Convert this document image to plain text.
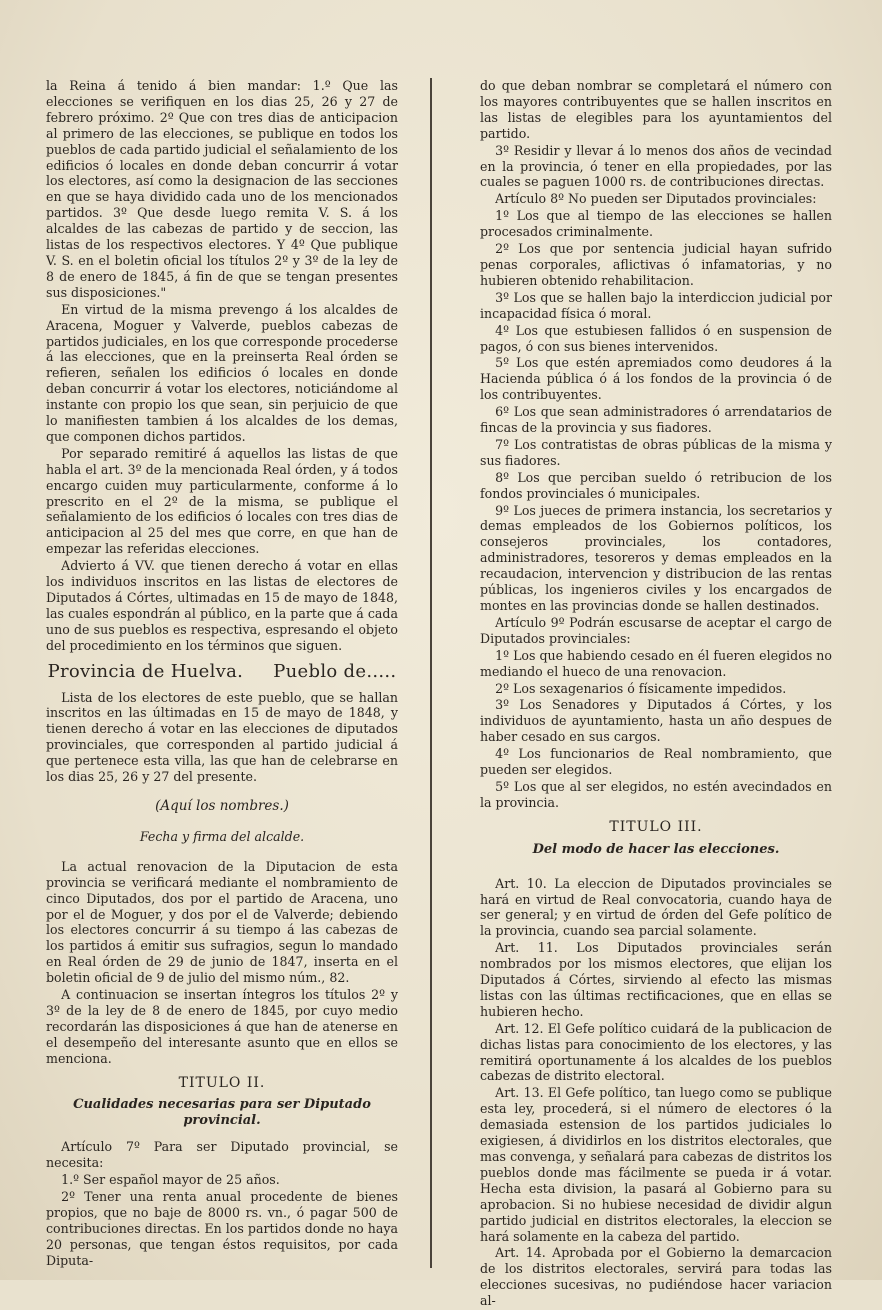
la Reina á tenido á bien mandar: 1.º Que las elecciones se verifiquen en los dias 25, 26 y 27 de febrero próximo. 2º Que con tres dias de anticipacion al primero de las elecciones, se publique en todos los pueblos de cada partido judicial el señalamiento de los edificios ó locales en donde deban concurrir á votar los electores, así como la designacion de las secciones en que se haya dividido cada uno de los mencionados partidos. 3º Que desde luego remita V. S. á los alcaldes de las cabezas de partido y de seccion, las listas de los respectivos electores. Y 4º Que publique V. S. en el boletin oficial los títulos 2º y 3º de la ley de 8 de enero de 1845, á fin de que se tengan presentes sus disposiciones."

En virtud de la misma prevengo á los alcaldes de Aracena, Moguer y Valverde, pueblos cabezas de partidos judiciales, en los que corresponde procederse á las elecciones, que en la preinserta Real órden se refieren, señalen los edificios ó locales en donde deban concurrir á votar los electores, noticiándome al instante con propio los que sean, sin perjuicio de que lo manifiesten tambien á los alcaldes de los demas, que componen dichos partidos.

Por separado remitiré á aquellos las listas de que habla el art. 3º de la mencionada Real órden, y á todos encargo cuiden muy particularmente, conforme á lo prescrito en el 2º de la misma, se publique el señalamiento de los edificios ó locales con tres dias de anticipacion al 25 del mes que corre, en que han de empezar las referidas elecciones.

Advierto á VV. que tienen derecho á votar en ellas los individuos inscritos en las listas de electores de Diputados á Córtes, ultimadas en 15 de mayo de 1848, las cuales espondrán al público, en la parte que á cada uno de sus pueblos es respectiva, espresando el objeto del procedimiento en los términos que siguen.

Provincia de Huelva.     Pueblo de.....

Lista de los electores de este pueblo, que se hallan inscritos en las últimadas en 15 de mayo de 1848, y tienen derecho á votar en las elecciones de diputados provinciales, que corresponden al partido judicial á que pertenece esta villa, las que han de celebrarse en los dias 25, 26 y 27 del presente.

(Aquí los nombres.)
Fecha y firma del alcalde.

La actual renovacion de la Diputacion de esta provincia se verificará mediante el nombramiento de cinco Diputados, dos por el partido de Aracena, uno por el de Moguer, y dos por el de Valverde; debiendo los electores concurrir á su tiempo á las cabezas de los partidos á emitir sus sufragios, segun lo mandado en Real órden de 29 de junio de 1847, inserta en el boletin oficial de 9 de julio del mismo núm., 82.

A continuacion se insertan íntegros los títulos 2º y 3º de la ley de 8 de enero de 1845, por cuyo medio recordarán las disposiciones á que han de atenerse en el desempeño del interesante asunto que en ellos se menciona.

TITULO II.
Cualidades necesarias para ser Diputado provincial.

Artículo 7º Para ser Diputado provincial, se necesita:

1.º Ser español mayor de 25 años.

2º Tener una renta anual procedente de bienes propios, que no baje de 8000 rs. vn., ó pagar 500 de contribuciones directas. En los partidos donde no haya 20 personas, que tengan éstos requisitos, por cada Diputa-

do que deban nombrar se completará el número con los mayores contribuyentes que se hallen inscritos en las listas de elegibles para los ayuntamientos del partido.

3º Residir y llevar á lo menos dos años de vecindad en la provincia, ó tener en ella propiedades, por las cuales se paguen 1000 rs. de contribuciones directas.

Artículo 8º No pueden ser Diputados provinciales:

1º Los que al tiempo de las elecciones se hallen procesados criminalmente.

2º Los que por sentencia judicial hayan sufrido penas corporales, aflictivas ó infamatorias, y no hubieren obtenido rehabilitacion.

3º Los que se hallen bajo la interdiccion judicial por incapacidad física ó moral.

4º Los que estubiesen fallidos ó en suspension de pagos, ó con sus bienes intervenidos.

5º Los que estén apremiados como deudores á la Hacienda pública ó á los fondos de la provincia ó de los contribuyentes.

6º Los que sean administradores ó arrendatarios de fincas de la provincia y sus fiadores.

7º Los contratistas de obras públicas de la misma y sus fiadores.

8º Los que perciban sueldo ó retribucion de los fondos provinciales ó municipales.

9º Los jueces de primera instancia, los secretarios y demas empleados de los Gobiernos políticos, los consejeros provinciales, los contadores, administradores, tesoreros y demas empleados en la recaudacion, intervencion y distribucion de las rentas públicas, los ingenieros civiles y los encargados de montes en las provincias donde se hallen destinados.

Artículo 9º Podrán escusarse de aceptar el cargo de Diputados provinciales:

1º Los que habiendo cesado en él fueren elegidos no mediando el hueco de una renovacion.

2º Los sexagenarios ó físicamente impedidos.

3º Los Senadores y Diputados á Córtes, y los individuos de ayuntamiento, hasta un año despues de haber cesado en sus cargos.

4º Los funcionarios de Real nombramiento, que pueden ser elegidos.

5º Los que al ser elegidos, no estén avecindados en la provincia.

TITULO III.
Del modo de hacer las elecciones.

Art. 10. La eleccion de Diputados provinciales se hará en virtud de Real convocatoria, cuando haya de ser general; y en virtud de órden del Gefe político de la provincia, cuando sea parcial solamente.

Art. 11. Los Diputados provinciales serán nombrados por los mismos electores, que elijan los Diputados á Córtes, sirviendo al efecto las mismas listas con las últimas rectificaciones, que en ellas se hubieren hecho.

Art. 12. El Gefe político cuidará de la publicacion de dichas listas para conocimiento de los electores, y las remitirá oportunamente á los alcaldes de los pueblos cabezas de distrito electoral.

Art. 13. El Gefe político, tan luego como se publique esta ley, procederá, si el número de electores ó la demasiada estension de los partidos judiciales lo exigiesen, á dividirlos en los distritos electorales, que mas convenga, y señalará para cabezas de distritos los pueblos donde mas fácilmente se pueda ir á votar. Hecha esta division, la pasará al Gobierno para su aprobacion. Si no hubiese necesidad de dividir algun partido judicial en distritos electorales, la eleccion se hará solamente en la cabeza del partido.

Art. 14. Aprobada por el Gobierno la demarcacion de los distritos electorales, servirá para todas las elecciones sucesivas, no pudiéndose hacer variacion al-
